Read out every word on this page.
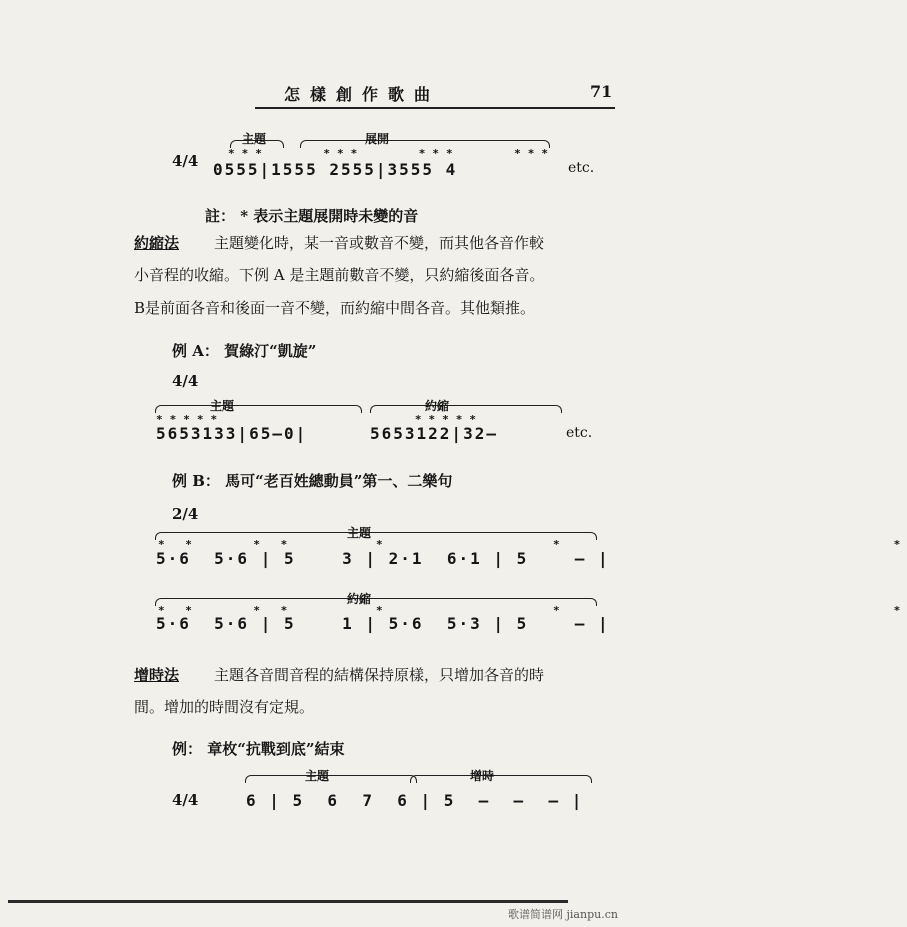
怎樣創作歌曲	71
4/4
主題	展開
***    ***    ***    ***
0555|1555 2555|3555 4	etc.
註： * 表示主題展開時未變的音
約縮法 主題變化時，某一音或數音不變，而其他各音作較
小音程的收縮。下例 A 是主題前數音不變，只約縮後面各音。
B是前面各音和後面一音不變，而約縮中間各音。其他類推。
例 A： 賀綠汀“凱旋”
4/4
主題	約縮
*****              *****
5653133|65—0|	5653122|32—	etc.
例 B： 馬可“老百姓總動員”第一、二樂句
2/4
主題
* *    * *      *            *                        *
5·6  5·6 | 5    3 | 2·1  6·1 | 5    — |
約縮
* *    * *      *            *                        *
5·6  5·6 | 5    1 | 5·6  5·3 | 5    — |
增時法 主題各音間音程的結構保持原樣，只增加各音的時
間。增加的時間沒有定規。
例： 章枚“抗戰到底”結束
4/4
主題	增時
6 | 5  6  7  6 | 5  —  —  — |
歌谱简谱网 jianpu.cn
